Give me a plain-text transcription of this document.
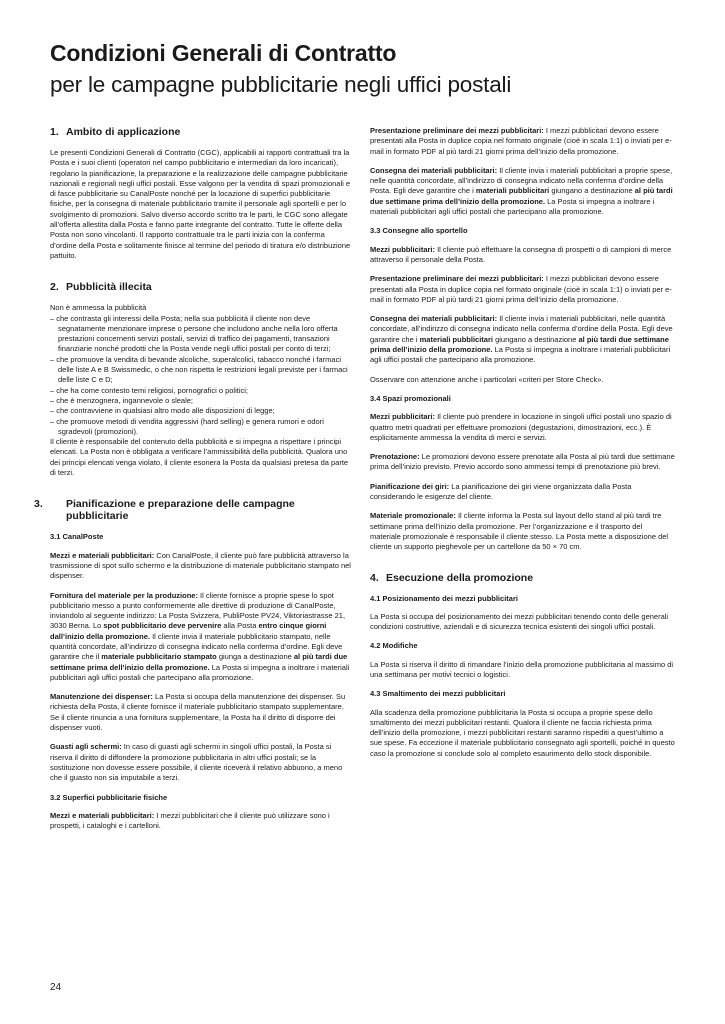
Condizioni Generali di Contratto
per le campagne pubblicitarie negli uffici postali
1. Ambito di applicazione

Le presenti Condizioni Generali di Contratto (CGC), applicabili ai rapporti contrattuali tra la Posta e i suoi clienti (operatori nel campo pubblicitario e intermediari da loro incaricati), regolano la pianificazione, la preparazione e la realizzazione delle campagne pubblicitarie nazionali e regionali negli uffici postali. Esse valgono per la vendita di spazi promozionali e di fasce pubblicitarie su CanalPoste nonché per la locazione di superfici pubblicitarie fisiche, per la consegna di materiale pubblicitario tramite il personale agli sportelli e per lo svolgimento di promozioni. Salvo diverso accordo scritto tra le parti, le CGC sono allegate all’offerta allestita dalla Posta e fanno parte integrante del contratto. Tutte le offerte della Posta non sono vincolanti. Il rapporto contrattuale tra le parti inizia con la conferma d’ordine della Posta e solitamente finisce al termine del periodo di tiratura e/o distribuzione pattuito.

2. Pubblicità illecita
Non è ammessa la pubblicità
– che contrasta gli interessi della Posta; nella sua pubblicità il cliente non deve segnatamente menzionare imprese o persone che includono anche nella loro offerta prestazioni concernenti servizi postali, servizi di traffico dei pagamenti, transazioni finanziarie nonché prodotti che la Posta vende negli uffici postali per conto di terzi;
– che promuove la vendita di bevande alcoliche, superalcolici, tabacco nonché i farmaci delle liste A e B Swissmedic, o che non rispetta le restrizioni legali previste per i farmaci delle liste C e D;
– che ha come contesto temi religiosi, pornografici o politici;
– che è menzognera, ingannevole o sleale;
– che contravviene in qualsiasi altro modo alle disposizioni di legge;
– che promuove metodi di vendita aggressivi (hard selling) e genera rumori e odori sgradevoli (promozioni).

Il cliente è responsabile del contenuto della pubblicità e si impegna a rispettare i principi elencati. La Posta non è obbligata a verificare l’ammissibilità della pubblicità. Qualora uno dei principi elencati venga violato, il cliente esonera la Posta da qualsiasi pretesa da parte di terzi.

3. Pianificazione e preparazione delle campagne pubblicitarie
3.1 CanalPoste

Mezzi e materiali pubblicitari: Con CanalPoste, il cliente può fare pubblicità attraverso la trasmissione di spot sullo schermo e la distribuzione di materiale pubblicitario stampato nel dispenser.

Fornitura del materiale per la produzione: Il cliente fornisce a proprie spese lo spot pubblicitario messo a punto conformemente alle direttive di produzione di CanalPoste, inviandolo al seguente indirizzo: La Posta Svizzera, PubliPoste PV24, Viktoriastrasse 21, 3030 Berna. Lo spot pubblicitario deve pervenire alla Posta entro cinque giorni dall’inizio della promozione. Il cliente invia il materiale pubblicitario stampato, nelle quantità concordate, all’indirizzo di consegna indicato nella conferma d’ordine. Egli deve garantire che il materiale pubblicitario stampato giunga a destinazione al più tardi due settimane prima dell’inizio della promozione. La Posta si impegna a inoltrare i materiali pubblicitari agli uffici postali che partecipano alla promozione.

Manutenzione dei dispenser: La Posta si occupa della manutenzione dei dispenser. Su richiesta della Posta, il cliente fornisce il materiale pubblicitario stampato supplementare. Se il cliente rinuncia a una fornitura supplementare, la Posta ha il diritto di disporre dei dispenser vuoti.

Guasti agli schermi: In caso di guasti agli schermi in singoli uffici postali, la Posta si riserva il diritto di diffondere la promozione pubblicitaria in altri uffici postali; se la sostituzione non dovesse essere possibile, il cliente riceverà il relativo abbuono, a meno che il guasto non sia imputabile a terzi.

3.2 Superfici pubblicitarie fisiche

Mezzi e materiali pubblicitari: I mezzi pubblicitari che il cliente può utilizzare sono i prospetti, i cataloghi e i cartelloni.

Presentazione preliminare dei mezzi pubblicitari: I mezzi pubblicitari devono essere presentati alla Posta in duplice copia nel formato originale (cioè in scala 1:1) o inviati per e-mail in formato PDF al più tardi 21 giorni prima dell’inizio della promozione.

Consegna dei materiali pubblicitari: Il cliente invia i materiali pubblicitari a proprie spese, nelle quantità concordate, all’indirizzo di consegna indicato nella conferma d’ordine della Posta. Egli deve garantire che i materiali pubblicitari giungano a destinazione al più tardi due settimane prima dell’inizio della promozione. La Posta si impegna a inoltrare i materiali pubblicitari agli uffici postali che partecipano alla promozione.

3.3 Consegne allo sportello

Mezzi pubblicitari: Il cliente può effettuare la consegna di prospetti o di campioni di merce attraverso il personale della Posta.

Presentazione preliminare dei mezzi pubblicitari: I mezzi pubblicitari devono essere presentati alla Posta in duplice copia nel formato originale (cioè in scala 1:1) o inviati per e-mail in formato PDF al più tardi 21 giorni prima dell’inizio della promozione.

Consegna dei materiali pubblicitari: Il cliente invia i materiali pubblicitari, nelle quantità concordate, all’indirizzo di consegna indicato nella conferma d’ordine della Posta. Egli deve garantire che i materiali pubblicitari giungano a destinazione al più tardi due settimane prima dell’inizio della promozione. La Posta si impegna a inoltrare i materiali pubblicitari agli uffici postali che partecipano alla promozione.

Osservare con attenzione anche i particolari «criteri per Store Check».

3.4 Spazi promozionali

Mezzi pubblicitari: Il cliente può prendere in locazione in singoli uffici postali uno spazio di quattro metri quadrati per effettuare promozioni (degustazioni, dimostrazioni, ecc.). È esplicitamente ammessa la vendita di merci e servizi.

Prenotazione: Le promozioni devono essere prenotate alla Posta al più tardi due settimane prima dell’inizio previsto. Previo accordo sono ammessi tempi di prenotazione più brevi.

Pianificazione dei giri: La pianificazione dei giri viene organizzata dalla Posta considerando le esigenze del cliente.

Materiale promozionale: Il cliente informa la Posta sul layout dello stand al più tardi tre settimane prima dell’inizio della promozione. Per l’organizzazione e il trasporto del materiale promozionale è responsabile il cliente stesso. La Posta mette a disposizione del cliente un supporto pieghevole per un cartellone da 50 × 70 cm.

4. Esecuzione della promozione
4.1 Posizionamento dei mezzi pubblicitari

La Posta si occupa del posizionamento dei mezzi pubblicitari tenendo conto delle generali condizioni costruttive, aziendali e di sicurezza tecnica esistenti dei singoli uffici postali.

4.2 Modifiche

La Posta si riserva il diritto di rimandare l’inizio della promozione pubblicitaria al massimo di una settimana per motivi tecnici o logistici.

4.3 Smaltimento dei mezzi pubblicitari

Alla scadenza della promozione pubblicitaria la Posta si occupa a proprie spese dello smaltimento dei mezzi pubblicitari restanti. Qualora il cliente ne faccia richiesta prima dell’inizio della promozione, i mezzi pubblicitari restanti saranno rispediti a quest’ultimo a sue spese. Fa eccezione il materiale pubblicitario consegnato agli sportelli, poiché in questo caso la promozione si conclude solo al completo esaurimento dello stock disponibile.

24
